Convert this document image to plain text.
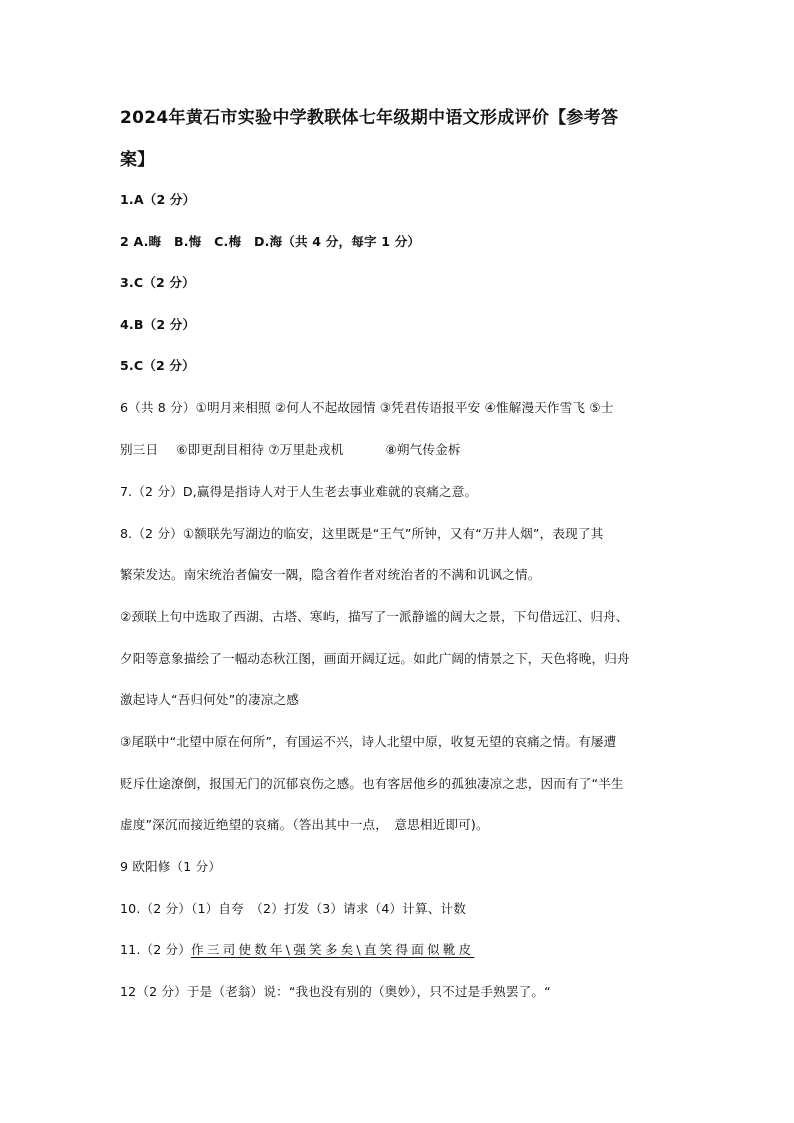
2024年黄石市实验中学教联体七年级期中语文形成评价【参考答
案】
1.A（2 分）
2 A.晦　B.悔　C.梅　D.海（共 4 分，每字 1 分）
3.C（2 分）
4.B（2 分）
5.C（2 分）
6（共 8 分）①明月来相照 ②何人不起故园情 ③凭君传语报平安 ④惟解漫天作雪飞 ⑤士
别三日 ⑥即更刮目相待 ⑦万里赴戎机	⑧朔气传金柝
7.（2 分）D,赢得是指诗人对于人生老去事业难就的哀痛之意。
8.（2 分）①额联先写湖边的临安，这里既是“王气”所钟，又有“万井人烟”，表现了其
繁荣发达。南宋统治者偏安一隅，隐含着作者对统治者的不满和讥讽之情。
②颈联上句中选取了西湖、古塔、寒屿，描写了一派静谧的阔大之景，下句借远江、归舟、
夕阳等意象描绘了一幅动态秋江图，画面开阔辽远。如此广阔的情景之下，天色将晚，归舟
激起诗人“吾归何处”的凄凉之感
③尾联中“北望中原在何所”，有国运不兴，诗人北望中原，收复无望的哀痛之情。有屡遭
贬斥仕途潦倒，报国无门的沉郁哀伤之感。也有客居他乡的孤独凄凉之悲，因而有了“半生
虚度”深沉而接近绝望的哀痛。（答出其中一点，　意思相近即可)。
9 欧阳修（1 分）
10.（2 分）（1）自夸　（2）打发（3）请求（4）计算、计数
11.（2 分）作三司使数年\强笑多矣\直笑得面似靴皮
12（2 分）于是（老翁）说：“我也没有别的（奥妙），只不过是手熟罢了。“
